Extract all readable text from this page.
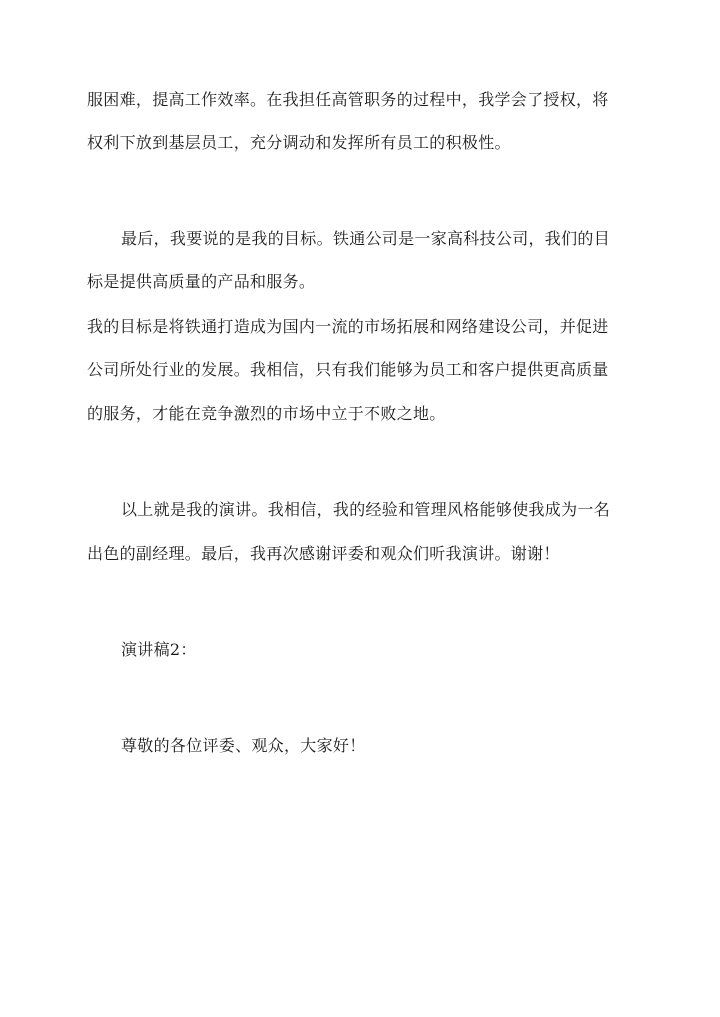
服困难，提高工作效率。在我担任高管职务的过程中，我学会了授权，将
权利下放到基层员工，充分调动和发挥所有员工的积极性。
最后，我要说的是我的目标。铁通公司是一家高科技公司，我们的目
标是提供高质量的产品和服务。
我的目标是将铁通打造成为国内一流的市场拓展和网络建设公司，并促进
公司所处行业的发展。我相信，只有我们能够为员工和客户提供更高质量
的服务，才能在竞争激烈的市场中立于不败之地。
以上就是我的演讲。我相信，我的经验和管理风格能够使我成为一名
出色的副经理。最后，我再次感谢评委和观众们听我演讲。谢谢！
演讲稿2：
尊敬的各位评委、观众，大家好！
